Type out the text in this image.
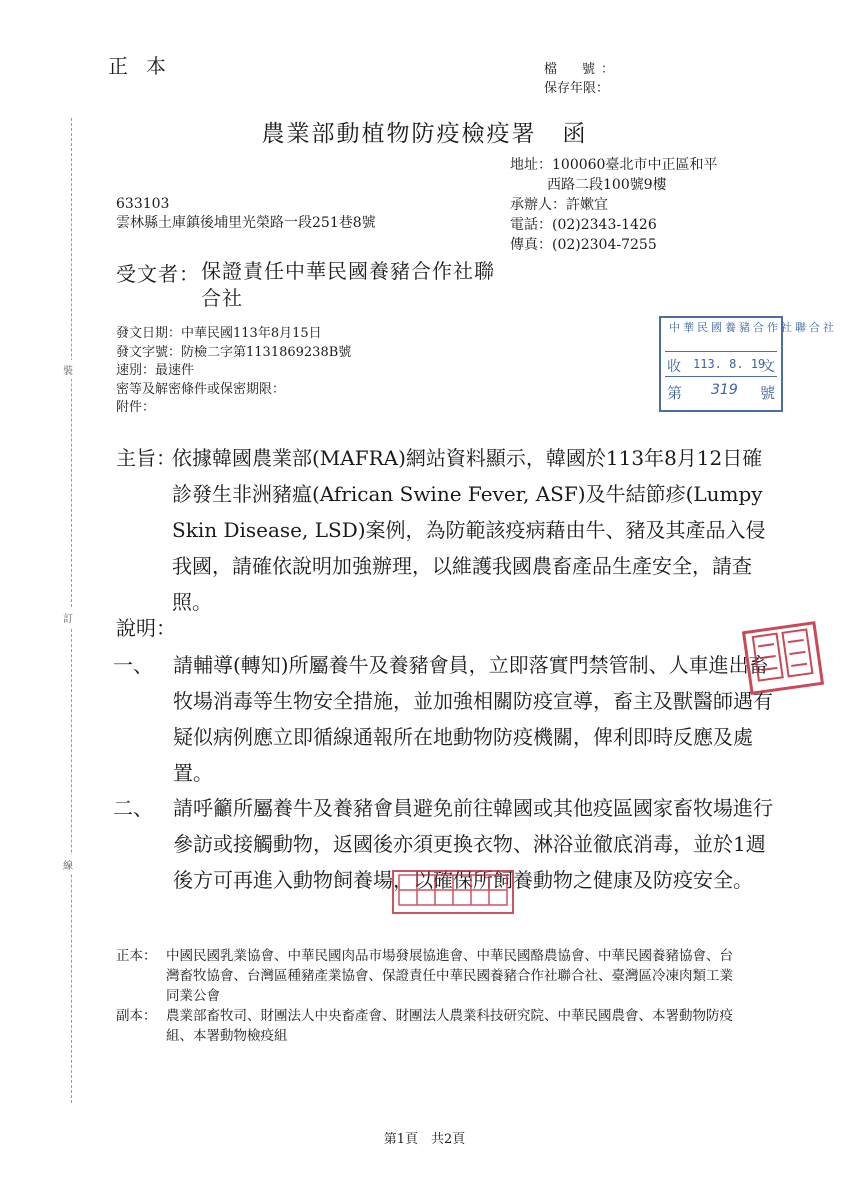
正本	檔　號：
保存年限：
農業部動植物防疫檢疫署 函
地址：100060臺北市中正區和平
西路二段100號9樓
承辦人：許嫰宜
電話：(02)2343-1426
傳真：(02)2304-7255
633103
雲林縣土庫鎮後埔里光榮路一段251巷8號
受文者： 保證責任中華民國養豬合作社聯合社
發文日期：中華民國113年8月15日
發文字號：防檢二字第1131869238B號
速別：最速件
密等及解密條件或保密期限：
附件：
中華民國養豬合作社聯合社
收 113. 8. 19
文
第 319 號
主旨：
依據韓國農業部(MAFRA)網站資料顯示，韓國於113年8月12日確診發生非洲豬瘟(African Swine Fever, ASF)及牛結節疹(Lumpy Skin Disease, LSD)案例，為防範該疫病藉由牛、豬及其產品入侵我國，請確依說明加強辦理，以維護我國農畜產品生產安全，請查照。
說明：
一、 請輔導(轉知)所屬養牛及養豬會員，立即落實門禁管制、人車進出畜牧場消毒等生物安全措施，並加強相關防疫宣導，畜主及獸醫師遇有疑似病例應立即循線通報所在地動物防疫機關，俾利即時反應及處置。
二、 請呼籲所屬養牛及養豬會員避免前往韓國或其他疫區國家畜牧場進行參訪或接觸動物，返國後亦須更換衣物、淋浴並徹底消毒，並於1週後方可再進入動物飼養場，以確保所飼養動物之健康及防疫安全。
正本： 中國民國乳業協會、中華民國肉品市場發展協進會、中華民國酪農協會、中華民國養豬協會、台灣畜牧協會、台灣區種豬產業協會、保證責任中華民國養豬合作社聯合社、臺灣區冷凍肉類工業同業公會
副本： 農業部畜牧司、財團法人中央畜產會、財團法人農業科技研究院、中華民國農會、本署動物防疫組、本署動物檢疫組
第1頁　共2頁
裝
訂
線
